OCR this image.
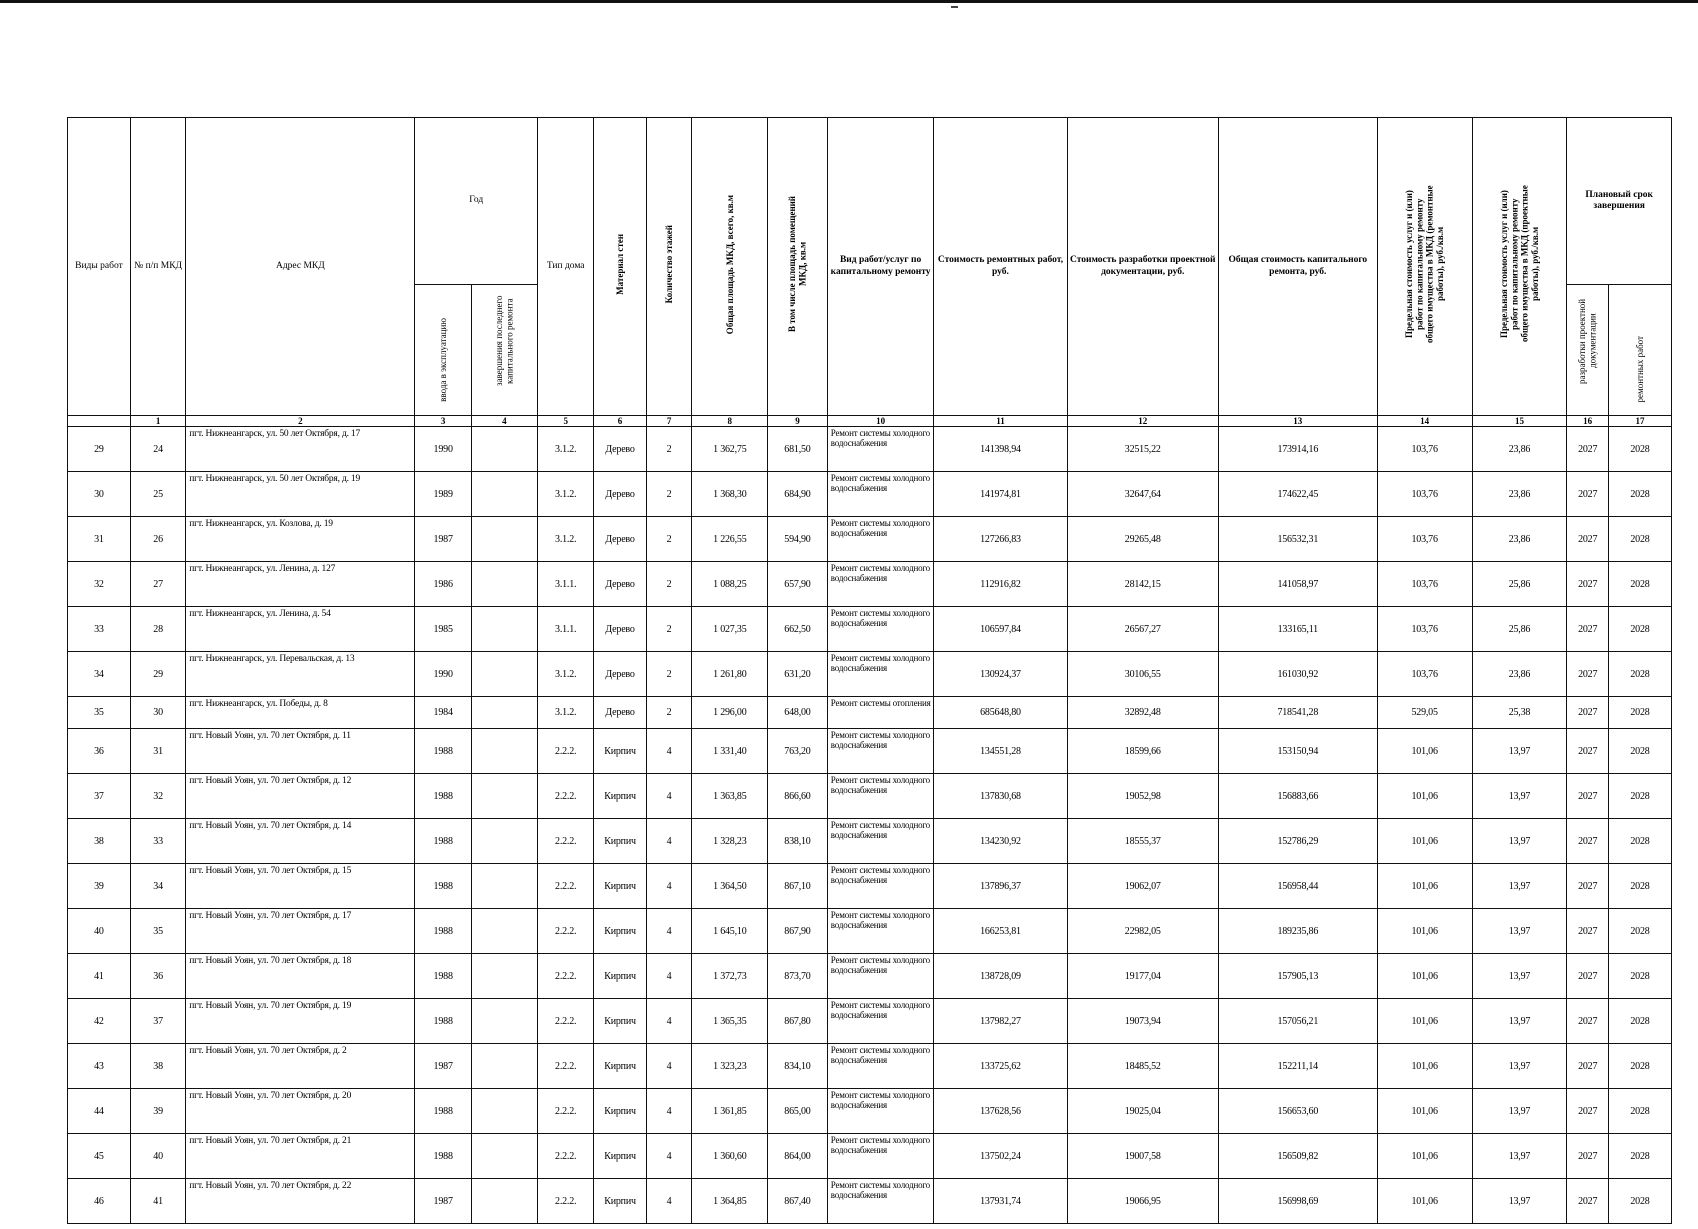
Виды работ	№ п/п МКД	Адрес МКД	Год		Тип дома	Материал стен	Количество этажей	Общая площадь МКД, всего, кв.м	В том числе площадь помещений МКД, кв.м	Вид работ/услуг по капитальному ремонту	Стоимость ремонтных работ, руб.	Стоимость разработки проектной документации, руб.	Общая стоимость капитального ремонта, руб.	Предельная стоимость услуг и (или) работ по капитальному ремонту общего имущества в МКД (ремонтные работы), руб./кв.м	Предельная стоимость услуг и (или) работ по капитальному ремонту общего имущества в МКД (проектные работы), руб./кв.м	Плановый срок завершения	
			ввода в эксплуатацию	завершения последнего капитального ремонта												разработки проектной документации	ремонтных работ
	1	2	3	4	5	6	7	8	9	10	11	12	13	14	15	16	17
29	24	пгт. Нижнеангарск, ул. 50 лет Октября, д. 17	1990		3.1.2.	Дерево	2	1 362,75	681,50	Ремонт системы холодного водоснабжения	141398,94	32515,22	173914,16	103,76	23,86	2027	2028
30	25	пгт. Нижнеангарск, ул. 50 лет Октября, д. 19	1989		3.1.2.	Дерево	2	1 368,30	684,90	Ремонт системы холодного водоснабжения	141974,81	32647,64	174622,45	103,76	23,86	2027	2028
31	26	пгт. Нижнеангарск, ул. Козлова, д. 19	1987		3.1.2.	Дерево	2	1 226,55	594,90	Ремонт системы холодного водоснабжения	127266,83	29265,48	156532,31	103,76	23,86	2027	2028
32	27	пгт. Нижнеангарск, ул. Ленина, д. 127	1986		3.1.1.	Дерево	2	1 088,25	657,90	Ремонт системы холодного водоснабжения	112916,82	28142,15	141058,97	103,76	25,86	2027	2028
33	28	пгт. Нижнеангарск, ул. Ленина, д. 54	1985		3.1.1.	Дерево	2	1 027,35	662,50	Ремонт системы холодного водоснабжения	106597,84	26567,27	133165,11	103,76	25,86	2027	2028
34	29	пгт. Нижнеангарск, ул. Перевальская, д. 13	1990		3.1.2.	Дерево	2	1 261,80	631,20	Ремонт системы холодного водоснабжения	130924,37	30106,55	161030,92	103,76	23,86	2027	2028
35	30	пгт. Нижнеангарск, ул. Победы, д. 8	1984		3.1.2.	Дерево	2	1 296,00	648,00	Ремонт системы отопления	685648,80	32892,48	718541,28	529,05	25,38	2027	2028
36	31	пгт. Новый Уоян, ул. 70 лет Октября, д. 11	1988		2.2.2.	Кирпич	4	1 331,40	763,20	Ремонт системы холодного водоснабжения	134551,28	18599,66	153150,94	101,06	13,97	2027	2028
37	32	пгт. Новый Уоян, ул. 70 лет Октября, д. 12	1988		2.2.2.	Кирпич	4	1 363,85	866,60	Ремонт системы холодного водоснабжения	137830,68	19052,98	156883,66	101,06	13,97	2027	2028
38	33	пгт. Новый Уоян, ул. 70 лет Октября, д. 14	1988		2.2.2.	Кирпич	4	1 328,23	838,10	Ремонт системы холодного водоснабжения	134230,92	18555,37	152786,29	101,06	13,97	2027	2028
39	34	пгт. Новый Уоян, ул. 70 лет Октября, д. 15	1988		2.2.2.	Кирпич	4	1 364,50	867,10	Ремонт системы холодного водоснабжения	137896,37	19062,07	156958,44	101,06	13,97	2027	2028
40	35	пгт. Новый Уоян, ул. 70 лет Октября, д. 17	1988		2.2.2.	Кирпич	4	1 645,10	867,90	Ремонт системы холодного водоснабжения	166253,81	22982,05	189235,86	101,06	13,97	2027	2028
41	36	пгт. Новый Уоян, ул. 70 лет Октября, д. 18	1988		2.2.2.	Кирпич	4	1 372,73	873,70	Ремонт системы холодного водоснабжения	138728,09	19177,04	157905,13	101,06	13,97	2027	2028
42	37	пгт. Новый Уоян, ул. 70 лет Октября, д. 19	1988		2.2.2.	Кирпич	4	1 365,35	867,80	Ремонт системы холодного водоснабжения	137982,27	19073,94	157056,21	101,06	13,97	2027	2028
43	38	пгт. Новый Уоян, ул. 70 лет Октября, д. 2	1987		2.2.2.	Кирпич	4	1 323,23	834,10	Ремонт системы холодного водоснабжения	133725,62	18485,52	152211,14	101,06	13,97	2027	2028
44	39	пгт. Новый Уоян, ул. 70 лет Октября, д. 20	1988		2.2.2.	Кирпич	4	1 361,85	865,00	Ремонт системы холодного водоснабжения	137628,56	19025,04	156653,60	101,06	13,97	2027	2028
45	40	пгт. Новый Уоян, ул. 70 лет Октября, д. 21	1988		2.2.2.	Кирпич	4	1 360,60	864,00	Ремонт системы холодного водоснабжения	137502,24	19007,58	156509,82	101,06	13,97	2027	2028
46	41	пгт. Новый Уоян, ул. 70 лет Октября, д. 22	1987		2.2.2.	Кирпич	4	1 364,85	867,40	Ремонт системы холодного водоснабжения	137931,74	19066,95	156998,69	101,06	13,97	2027	2028
